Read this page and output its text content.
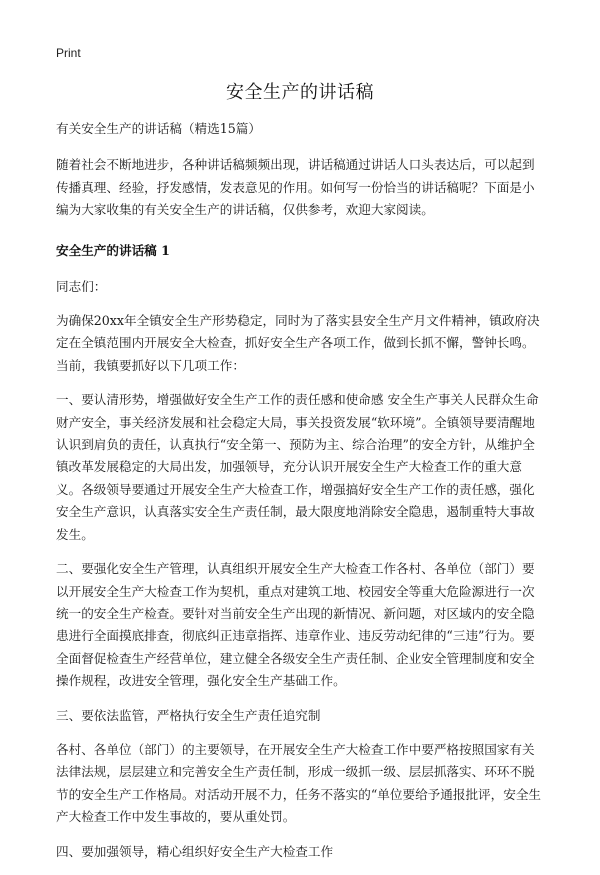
Print
安全生产的讲话稿

有关安全生产的讲话稿（精选15篇）

随着社会不断地进步，各种讲话稿频频出现，讲话稿通过讲话人口头表达后，可以起到传播真理、经验，抒发感情，发表意见的作用。如何写一份恰当的讲话稿呢？下面是小编为大家收集的有关安全生产的讲话稿，仅供参考，欢迎大家阅读。

安全生产的讲话稿 1

同志们：

为确保20xx年全镇安全生产形势稳定，同时为了落实县安全生产月文件精神，镇政府决定在全镇范围内开展安全大检查，抓好安全生产各项工作，做到长抓不懈，警钟长鸣。当前，我镇要抓好以下几项工作：

一、要认清形势，增强做好安全生产工作的责任感和使命感 安全生产事关人民群众生命财产安全，事关经济发展和社会稳定大局，事关投资发展“软环境”。全镇领导要清醒地认识到肩负的责任，认真执行“安全第一、预防为主、综合治理”的安全方针，从维护全镇改革发展稳定的大局出发，加强领导，充分认识开展安全生产大检查工作的重大意义。各级领导要通过开展安全生产大检查工作，增强搞好安全生产工作的责任感，强化安全生产意识，认真落实安全生产责任制，最大限度地消除安全隐患，遏制重特大事故发生。

二、要强化安全生产管理，认真组织开展安全生产大检查工作各村、各单位（部门）要以开展安全生产大检查工作为契机，重点对建筑工地、校园安全等重大危险源进行一次统一的安全生产检查。要针对当前安全生产出现的新情况、新问题，对区域内的安全隐患进行全面摸底排查，彻底纠正违章指挥、违章作业、违反劳动纪律的“三违”行为。要全面督促检查生产经营单位，建立健全各级安全生产责任制、企业安全管理制度和安全操作规程，改进安全管理，强化安全生产基础工作。

三、要依法监管，严格执行安全生产责任追究制

各村、各单位（部门）的主要领导，在开展安全生产大检查工作中要严格按照国家有关法律法规，层层建立和完善安全生产责任制，形成一级抓一级、层层抓落实、环环不脱节的安全生产工作格局。对活动开展不力，任务不落实的“单位要给予通报批评，安全生产大检查工作中发生事故的，要从重处罚。

四、要加强领导，精心组织好安全生产大检查工作
